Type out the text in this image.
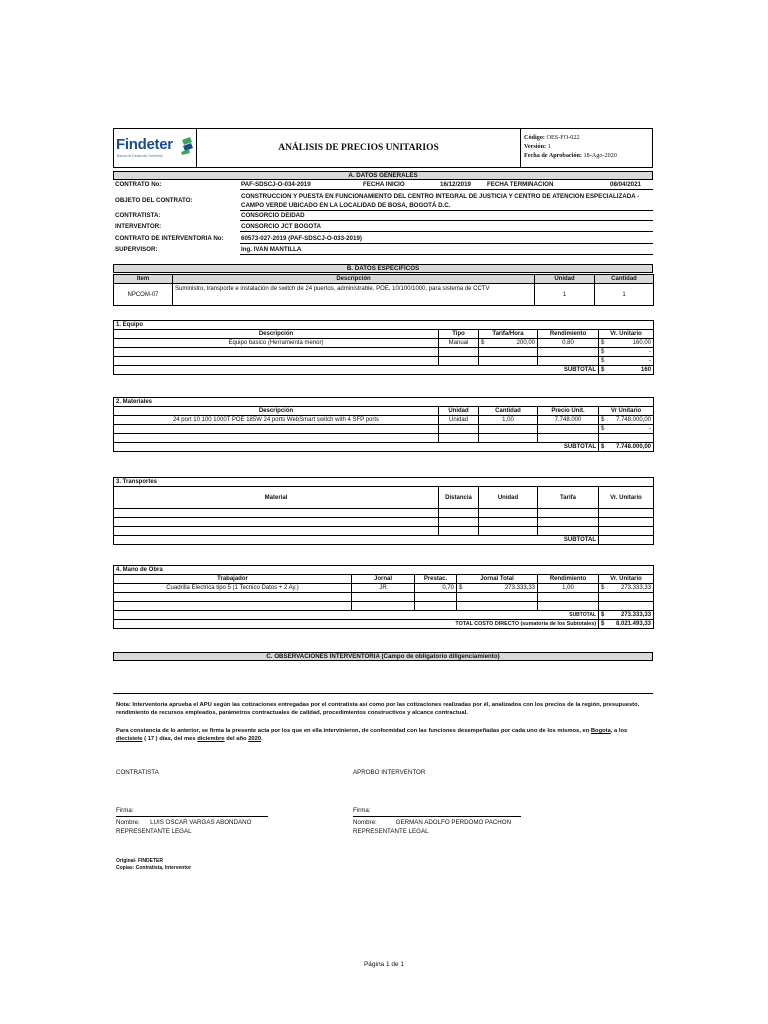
Findeter
Banca de Desarrollo Territorial
ANÁLISIS DE PRECIOS UNITARIOS
Código: OES-FO-022
Versión: 1
Fecha de Aprobación: 18-Ago-2020
A. DATOS GENERALES
CONTRATO No:	PAF-SDSCJ-O-034-2019	FECHA INICIO	16/12/2019	FECHA TERMINACION	08/04/2021
OBJETO DEL CONTRATO:
CONSTRUCCION Y PUESTA EN FUNCIONAMIENTO DEL CENTRO INTEGRAL DE JUSTICIA Y CENTRO DE ATENCION ESPECIALIZADA -
CAMPO VERDE UBICADO EN LA LOCALIDAD DE BOSA, BOGOTÁ D.C.
CONTRATISTA:	CONSORCIO DEIDAD
INTERVENTOR:	CONSORCIO JCT BOGOTA
CONTRATO DE INTERVENTORIA No:	60573-027-2019 (PAF-SDSCJ-O-033-2019)
SUPERVISOR:	Ing. IVAN MANTILLA
B. DATOS ESPECIFICOS
Item	Descripción	Unidad	Cantidad
NPCOM-07	Suministro, transporte e instalación de switch de 24 puertos, administrable, POE, 10/100/1000, para sistema de CCTV	1	1
1. Equipo				
Descripción	Tipo	Tarifa/Hora	Rendimiento	Vr. Unitario
Equipo basico (Herramienta menor)	Manual	$ 200,00	0,80	$ 160,00

				$ -

				$ -

SUBTOTAL				$ 160
2. Materiales				
Descripción	Unidad	Cantidad	Precio Unit.	Vr Unitario
24 port 10 100 1000T POE 185W 24 ports WebSmart switch with 4 SFP ports	Unidad	1,00	7.748.000	$ 7.748.000,00

				$ -

SUBTOTAL				$ 7.748.000,00
3. Transportes				
Material	Distancia	Unidad	Tarifa	Vr. Unitario

SUBTOTAL				
4. Mano de Obra					
Trabajador	Jornal	Prestac.	Jornal Total	Rendimiento	Vr. Unitario
Cuadrilla Electrica tipo 5 (1 Tecnico Datos + 2 Ay.)	JR	0,70	$ 273.333,33	1,00	$ 273.333,33

SUBTOTAL					$ 273.333,33

TOTAL COSTO DIRECTO (sumatoria de los Subtotales)					$ 8.021.493,33
C. OBSERVACIONES INTERVENTORIA (Campo de obligatorio diligenciamiento)
Nota: Interventoria aprueba el APU según las cotizaciones entregadas por el contratista así como por las cotizaciones realizadas por él, analizados con los precios de la región, presupuesto,
rendimiento de recursos empleados, parámetros contractuales de calidad, procedimientos constructivos y alcance contractual.
Para constancia de lo anterior, se firma la presente acta por los que en ella intervinieron, de conformidad con las funciones desempeñadas por cada uno de los mismos, en Bogota, a los
diecisiete ( 17 ) días, del mes diciembre del año 2020.
CONTRATISTA	APROBO INTERVENTOR
Firma:	Firma:
Nombre: LUIS OSCAR VARGAS ABONDANO
REPRESENTANTE LEGAL
Nombre:	GERMAN ADOLFO PERDOMO PACHON
REPRESENTANTE LEGAL
Original- FINDETER
Copias: Contratista, Interventor
Página 1 de 1
